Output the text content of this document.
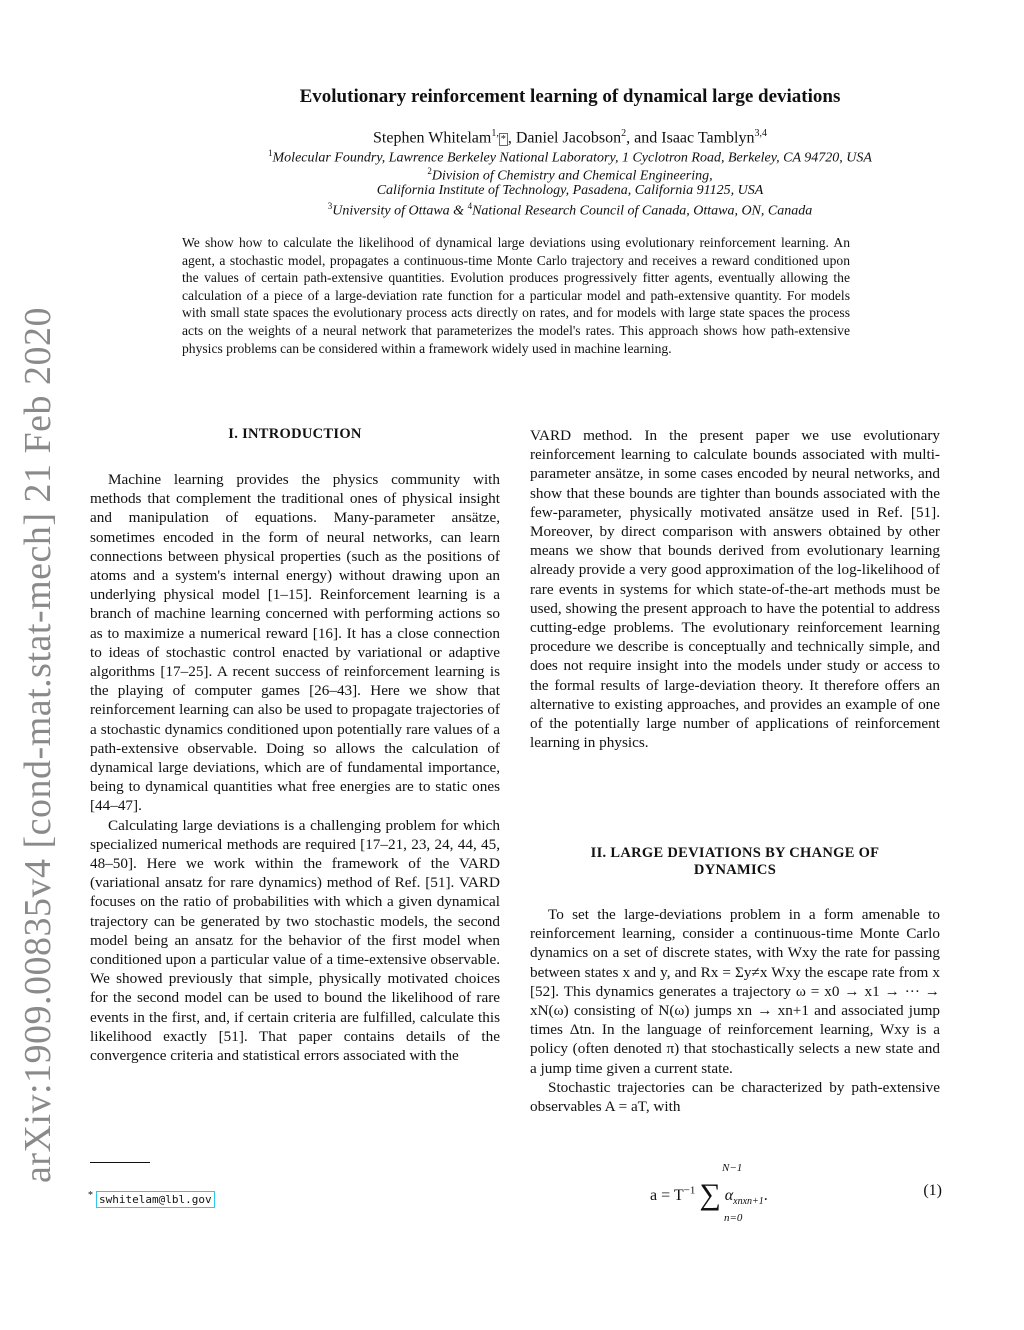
arXiv:1909.00835v4 [cond-mat.stat-mech] 21 Feb 2020
Evolutionary reinforcement learning of dynamical large deviations
Stephen Whitelam$^{1,}$* , Daniel Jacobson$^2$, and Isaac Tamblyn$^{3,4}$
$^1$Molecular Foundry, Lawrence Berkeley National Laboratory, 1 Cyclotron Road, Berkeley, CA 94720, USA
$^2$Division of Chemistry and Chemical Engineering,
California Institute of Technology, Pasadena, California 91125, USA
$^3$University of Ottawa & $^4$National Research Council of Canada, Ottawa, ON, Canada
We show how to calculate the likelihood of dynamical large deviations using evolutionary reinforcement learning. An agent, a stochastic model, propagates a continuous-time Monte Carlo trajectory and receives a reward conditioned upon the values of certain path-extensive quantities. Evolution produces progressively fitter agents, eventually allowing the calculation of a piece of a large-deviation rate function for a particular model and path-extensive quantity. For models with small state spaces the evolutionary process acts directly on rates, and for models with large state spaces the process acts on the weights of a neural network that parameterizes the model's rates. This approach shows how path-extensive physics problems can be considered within a framework widely used in machine learning.
I. INTRODUCTION

Machine learning provides the physics community with methods that complement the traditional ones of physical insight and manipulation of equations. Many-parameter ansätze, sometimes encoded in the form of neural networks, can learn connections between physical properties (such as the positions of atoms and a system's internal energy) without drawing upon an underlying physical model [1–15]. Reinforcement learning is a branch of machine learning concerned with performing actions so as to maximize a numerical reward [16]. It has a close connection to ideas of stochastic control enacted by variational or adaptive algorithms [17–25]. A recent success of reinforcement learning is the playing of computer games [26–43]. Here we show that reinforcement learning can also be used to propagate trajectories of a stochastic dynamics conditioned upon potentially rare values of a path-extensive observable. Doing so allows the calculation of dynamical large deviations, which are of fundamental importance, being to dynamical quantities what free energies are to static ones [44–47].

Calculating large deviations is a challenging problem for which specialized numerical methods are required [17–21, 23, 24, 44, 45, 48–50]. Here we work within the framework of the VARD (variational ansatz for rare dynamics) method of Ref. [51]. VARD focuses on the ratio of probabilities with which a given dynamical trajectory can be generated by two stochastic models, the second model being an ansatz for the behavior of the first model when conditioned upon a particular value of a time-extensive observable. We showed previously that simple, physically motivated choices for the second model can be used to bound the likelihood of rare events in the first, and, if certain criteria are fulfilled, calculate this likelihood exactly [51]. That paper contains details of the convergence criteria and statistical errors associated with the

VARD method. In the present paper we use evolutionary reinforcement learning to calculate bounds associated with multi-parameter ansätze, in some cases encoded by neural networks, and show that these bounds are tighter than bounds associated with the few-parameter, physically motivated ansätze used in Ref. [51]. Moreover, by direct comparison with answers obtained by other means we show that bounds derived from evolutionary learning already provide a very good approximation of the log-likelihood of rare events in systems for which state-of-the-art methods must be used, showing the present approach to have the potential to address cutting-edge problems. The evolutionary reinforcement learning procedure we describe is conceptually and technically simple, and does not require insight into the models under study or access to the formal results of large-deviation theory. It therefore offers an alternative to existing approaches, and provides an example of one of the potentially large number of applications of reinforcement learning in physics.

II. LARGE DEVIATIONS BY CHANGE OF
DYNAMICS

To set the large-deviations problem in a form amenable to reinforcement learning, consider a continuous-time Monte Carlo dynamics on a set of discrete states, with Wxy the rate for passing between states x and y, and Rx = Σy≠x Wxy the escape rate from x [52]. This dynamics generates a trajectory ω = x0 → x1 → ··· → xN(ω) consisting of N(ω) jumps xn → xn+1 and associated jump times Δtn. In the language of reinforcement learning, Wxy is a policy (often denoted π) that stochastically selects a new state and a jump time given a current state.

Stochastic trajectories can be characterized by path-extensive observables A = aT, with

$a = T^{-1}$ ∑
N−1
n=0
$\alpha_{xnxn+1}$.	(1)
* swhitelam@lbl.gov
